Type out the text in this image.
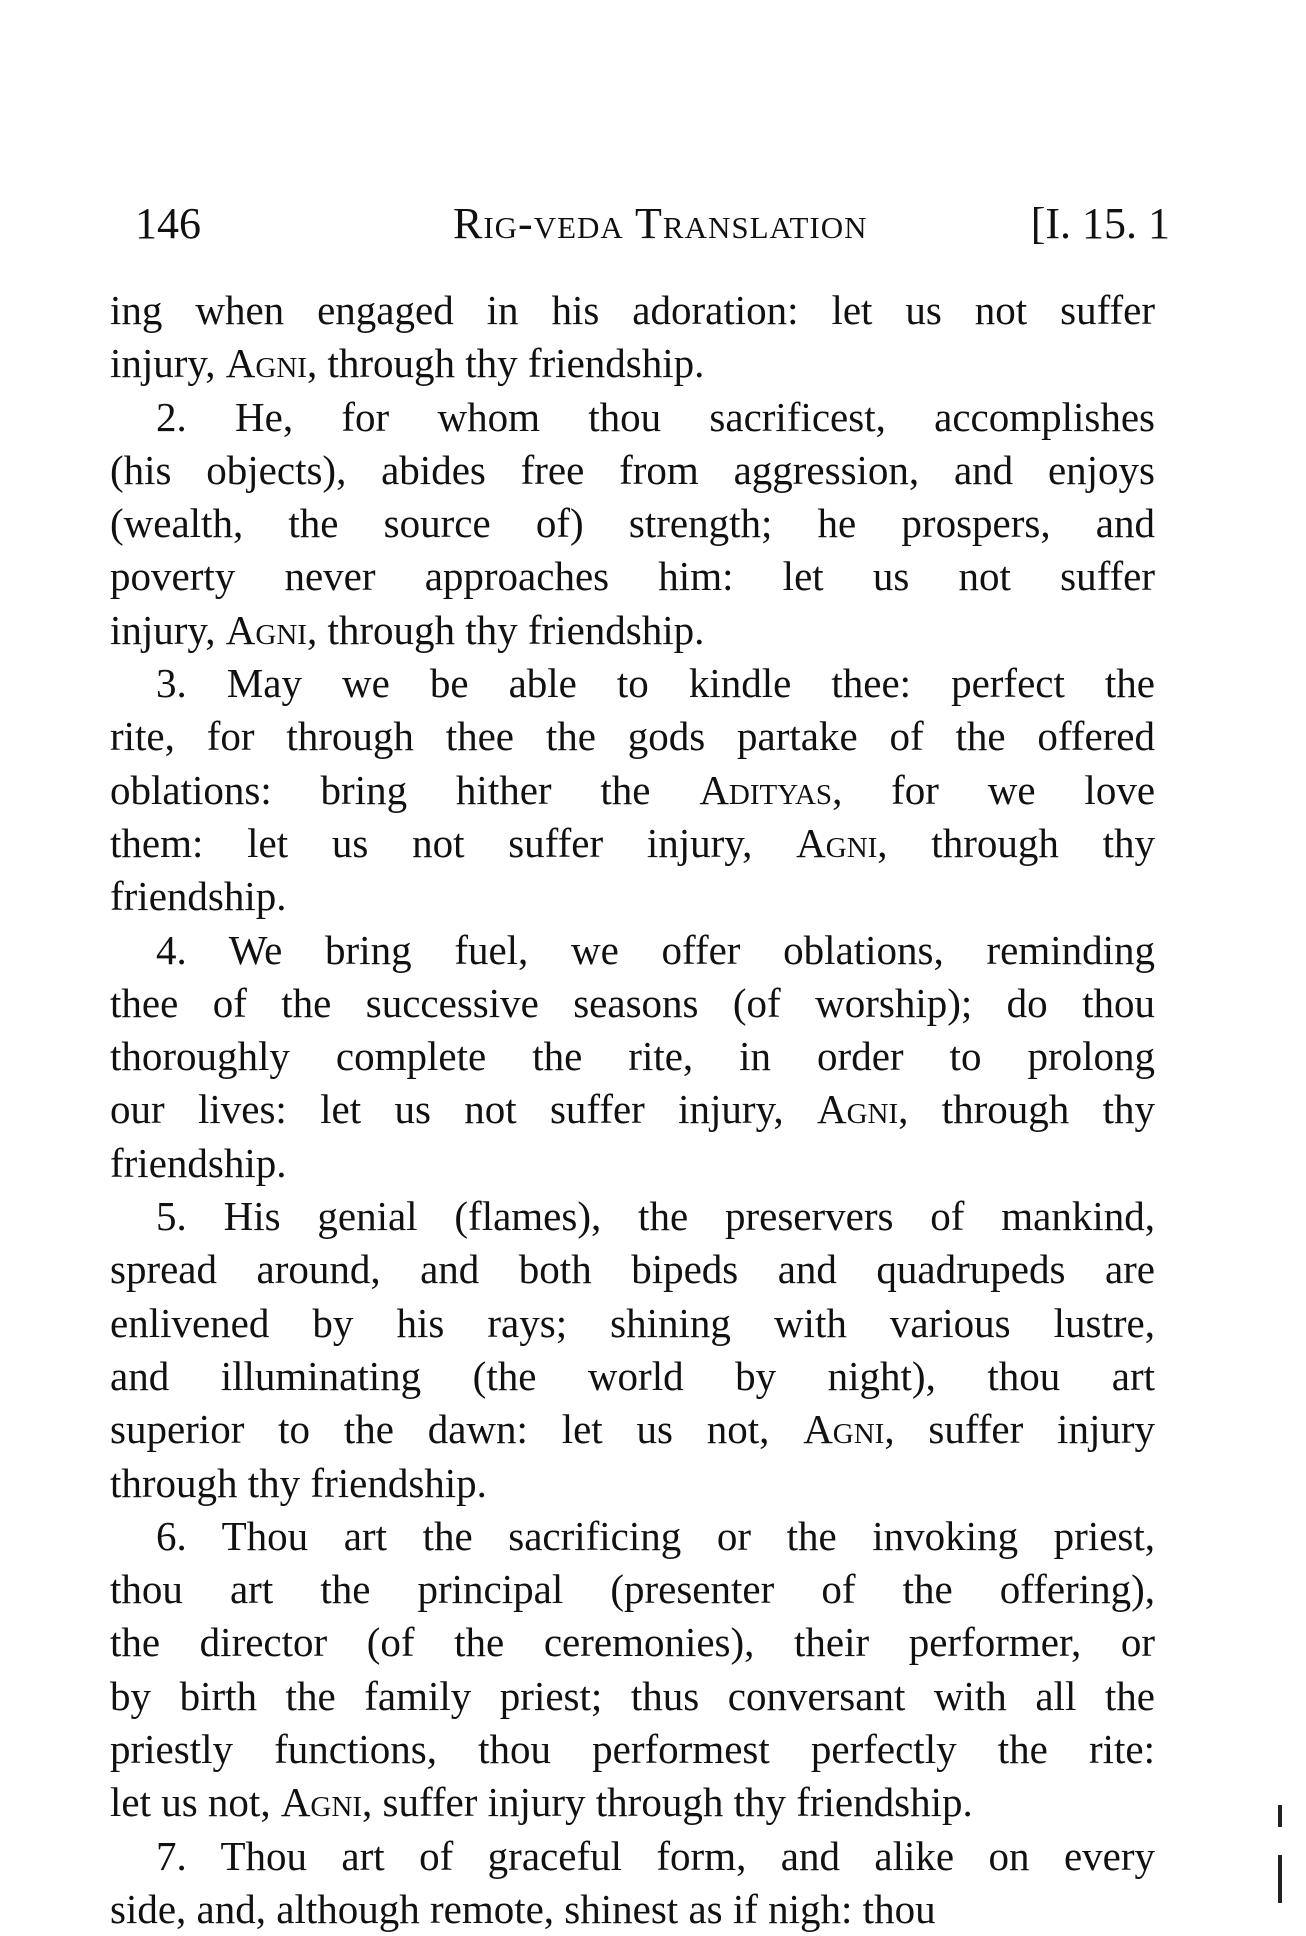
146	Rig-veda Translation	[I. 15. 1
ing when engaged in his adoration: let us not suffer
injury, Agni, through thy friendship.
2. He, for whom thou sacrificest, accomplishes
(his objects), abides free from aggression, and enjoys
(wealth, the source of) strength; he prospers, and
poverty never approaches him: let us not suffer
injury, Agni, through thy friendship.
3. May we be able to kindle thee: perfect the
rite, for through thee the gods partake of the offered
oblations: bring hither the Adityas, for we love
them: let us not suffer injury, Agni, through thy
friendship.
4. We bring fuel, we offer oblations, reminding
thee of the successive seasons (of worship); do thou
thoroughly complete the rite, in order to prolong
our lives: let us not suffer injury, Agni, through thy
friendship.
5. His genial (flames), the preservers of mankind,
spread around, and both bipeds and quadrupeds are
enlivened by his rays; shining with various lustre,
and illuminating (the world by night), thou art
superior to the dawn: let us not, Agni, suffer injury
through thy friendship.
6. Thou art the sacrificing or the invoking priest,
thou art the principal (presenter of the offering),
the director (of the ceremonies), their performer, or
by birth the family priest; thus conversant with all the
priestly functions, thou performest perfectly the rite:
let us not, Agni, suffer injury through thy friendship.
7. Thou art of graceful form, and alike on every
side, and, although remote, shinest as if nigh: thou
